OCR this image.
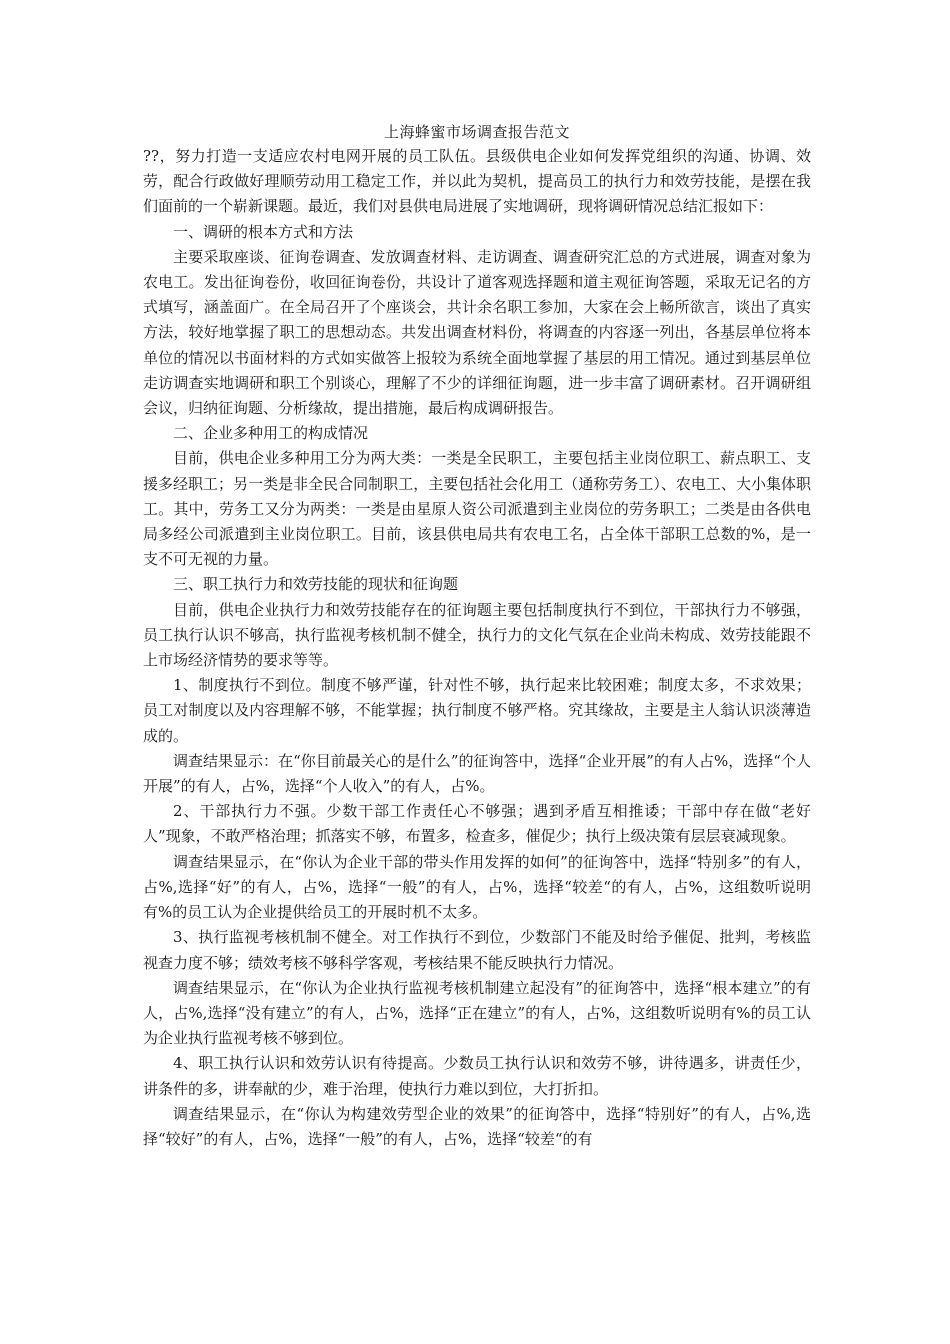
上海蜂蜜市场调查报告范文

??，努力打造一支适应农村电网开展的员工队伍。县级供电企业如何发挥党组织的沟通、协调、效劳，配合行政做好理顺劳动用工稳定工作，并以此为契机，提高员工的执行力和效劳技能，是摆在我们面前的一个崭新课题。最近，我们对县供电局进展了实地调研，现将调研情况总结汇报如下：

一、调研的根本方式和方法

主要采取座谈、征询卷调查、发放调查材料、走访调查、调查研究汇总的方式进展，调查对象为农电工。发出征询卷份，收回征询卷份，共设计了道客观选择题和道主观征询答题，采取无记名的方式填写，涵盖面广。在全局召开了个座谈会，共计余名职工参加，大家在会上畅所欲言，谈出了真实方法，较好地掌握了职工的思想动态。共发出调查材料份，将调查的内容逐一列出，各基层单位将本单位的情况以书面材料的方式如实做答上报较为系统全面地掌握了基层的用工情况。通过到基层单位走访调查实地调研和职工个别谈心，理解了不少的详细征询题，进一步丰富了调研素材。召开调研组会议，归纳征询题、分析缘故，提出措施，最后构成调研报告。

二、企业多种用工的构成情况

目前，供电企业多种用工分为两大类：一类是全民职工，主要包括主业岗位职工、薪点职工、支援多经职工；另一类是非全民合同制职工，主要包括社会化用工（通称劳务工）、农电工、大小集体职工。其中，劳务工又分为两类：一类是由星原人资公司派遣到主业岗位的劳务职工；二类是由各供电局多经公司派遣到主业岗位职工。目前，该县供电局共有农电工名，占全体干部职工总数的%，是一支不可无视的力量。

三、职工执行力和效劳技能的现状和征询题

目前，供电企业执行力和效劳技能存在的征询题主要包括制度执行不到位，干部执行力不够强，员工执行认识不够高，执行监视考核机制不健全，执行力的文化气氛在企业尚未构成、效劳技能跟不上市场经济情势的要求等等。

1、制度执行不到位。制度不够严谨，针对性不够，执行起来比较困难；制度太多，不求效果；员工对制度以及内容理解不够，不能掌握；执行制度不够严格。究其缘故，主要是主人翁认识淡薄造成的。

调查结果显示：在“你目前最关心的是什么”的征询答中，选择“企业开展”的有人占%，选择“个人开展”的有人，占%，选择“个人收入”的有人，占%。

2、干部执行力不强。少数干部工作责任心不够强；遇到矛盾互相推诿；干部中存在做“老好人”现象，不敢严格治理；抓落实不够，布置多，检查多，催促少；执行上级决策有层层衰减现象。

调查结果显示，在“你认为企业干部的带头作用发挥的如何”的征询答中，选择“特别多”的有人，占%,选择“好”的有人，占%，选择“一般”的有人，占%，选择“较差“的有人，占%，这组数听说明有%的员工认为企业提供给员工的开展时机不太多。

3、执行监视考核机制不健全。对工作执行不到位，少数部门不能及时给予催促、批判，考核监视查力度不够；绩效考核不够科学客观，考核结果不能反映执行力情况。

调查结果显示，在“你认为企业执行监视考核机制建立起没有”的征询答中，选择“根本建立”的有人，占%,选择“没有建立”的有人，占%，选择“正在建立”的有人，占%，这组数听说明有%的员工认为企业执行监视考核不够到位。

4、职工执行认识和效劳认识有待提高。少数员工执行认识和效劳不够，讲待遇多，讲责任少，讲条件的多，讲奉献的少，难于治理，使执行力难以到位，大打折扣。

调查结果显示，在“你认为构建效劳型企业的效果”的征询答中，选择“特别好”的有人，占%,选择“较好”的有人，占%，选择“一般”的有人，占%，选择“较差“的有
